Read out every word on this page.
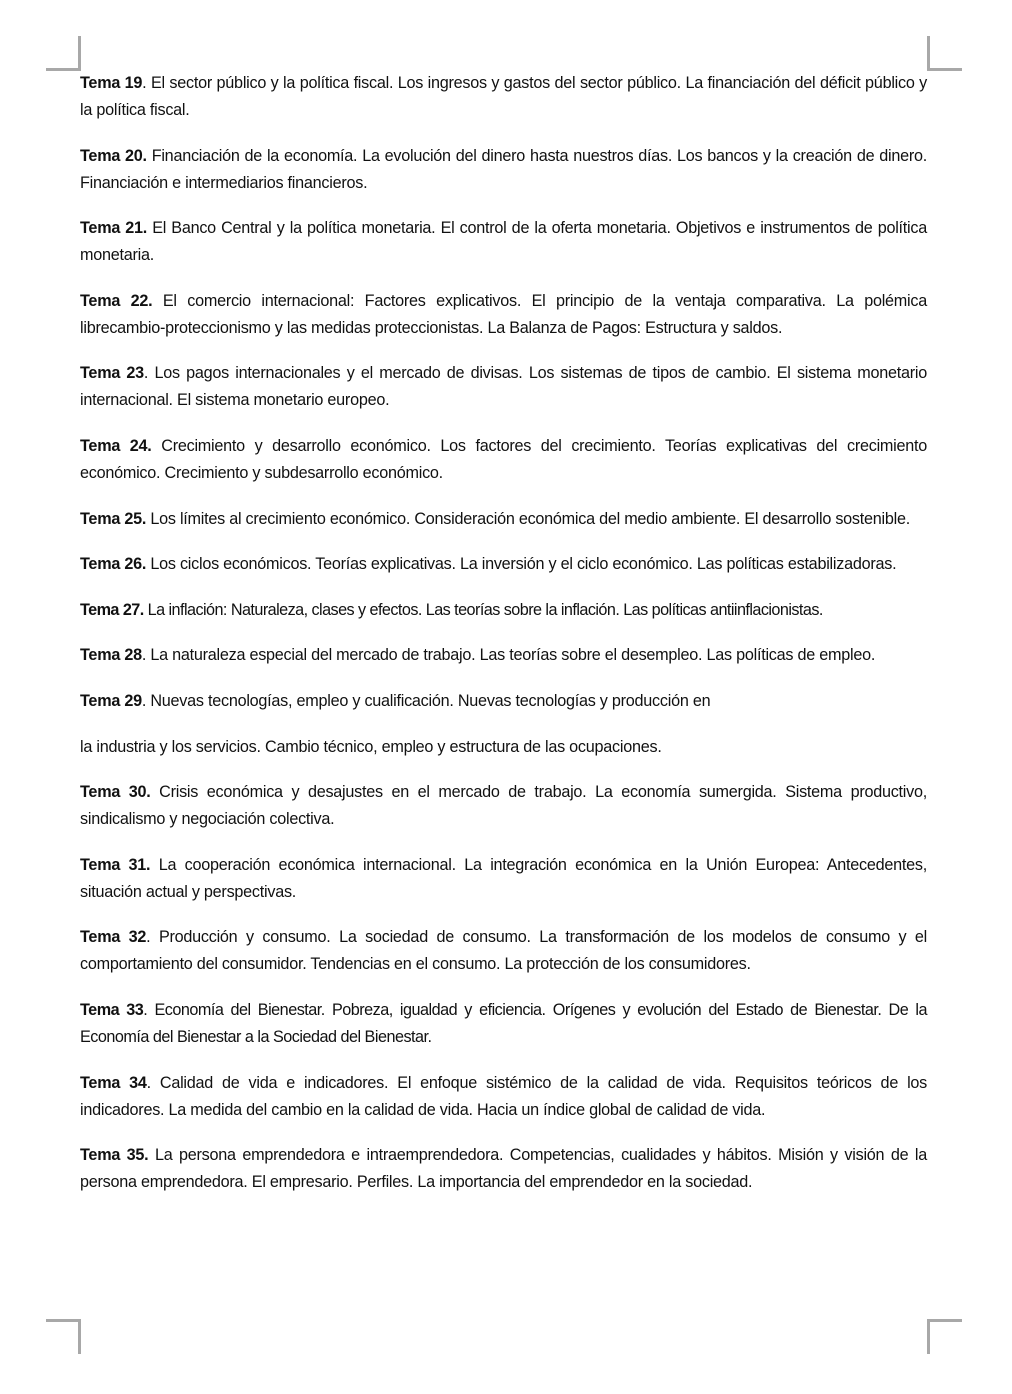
Tema 19. El sector público y la política fiscal. Los ingresos y gastos del sector público. La financiación del déficit público y la política fiscal.

Tema 20. Financiación de la economía. La evolución del dinero hasta nuestros días. Los bancos y la creación de dinero. Financiación e intermediarios financieros.

Tema 21. El Banco Central y la política monetaria. El control de la oferta monetaria. Objetivos e instrumentos de política monetaria.

Tema 22. El comercio internacional: Factores explicativos. El principio de la ventaja comparativa. La polémica librecambio-proteccionismo y las medidas proteccionistas. La Balanza de Pagos: Estructura y saldos.

Tema 23. Los pagos internacionales y el mercado de divisas. Los sistemas de tipos de cambio. El sistema monetario internacional. El sistema monetario europeo.

Tema 24. Crecimiento y desarrollo económico. Los factores del crecimiento. Teorías explicativas del crecimiento económico. Crecimiento y subdesarrollo económico.

Tema 25. Los límites al crecimiento económico. Consideración económica del medio ambiente. El desarrollo sostenible.

Tema 26. Los ciclos económicos. Teorías explicativas. La inversión y el ciclo económico. Las políticas estabilizadoras.

Tema 27. La inflación: Naturaleza, clases y efectos. Las teorías sobre la inflación. Las políticas antiinflacionistas.

Tema 28. La naturaleza especial del mercado de trabajo. Las teorías sobre el desempleo. Las políticas de empleo.

Tema 29. Nuevas tecnologías, empleo y cualificación. Nuevas tecnologías y producción en

la industria y los servicios. Cambio técnico, empleo y estructura de las ocupaciones.

Tema 30. Crisis económica y desajustes en el mercado de trabajo. La economía sumergida. Sistema productivo, sindicalismo y negociación colectiva.

Tema 31. La cooperación económica internacional. La integración económica en la Unión Europea: Antecedentes, situación actual y perspectivas.

Tema 32. Producción y consumo. La sociedad de consumo. La transformación de los modelos de consumo y el comportamiento del consumidor. Tendencias en el consumo. La protección de los consumidores.

Tema 33. Economía del Bienestar. Pobreza, igualdad y eficiencia. Orígenes y evolución del Estado de Bienestar. De la Economía del Bienestar a la Sociedad del Bienestar.

Tema 34. Calidad de vida e indicadores. El enfoque sistémico de la calidad de vida. Requisitos teóricos de los indicadores. La medida del cambio en la calidad de vida. Hacia un índice global de calidad de vida.

Tema 35. La persona emprendedora e intraemprendedora. Competencias, cualidades y hábitos. Misión y visión de la persona emprendedora. El empresario. Perfiles. La importancia del emprendedor en la sociedad.
